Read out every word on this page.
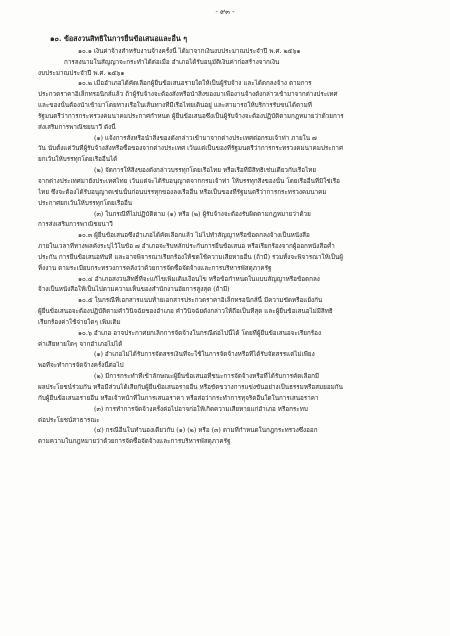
- ๙๓ -
๑๐. ข้อสงวนสิทธิในการยื่นข้อเสนอและอื่น ๆ
๑๐.๑ เงินค่าจ้างสำหรับงานจ้างครั้งนี้ ได้มาจากเงินงบประมาณประจำปี พ.ศ. ๒๕๖๑
การลงนามในสัญญาจะกระทำได้ต่อเมื่อ อำเภอได้รับอนุมัติเงินค่าก่อสร้างจากเงิน
งบประมาณประจำปี พ.ศ. ๒๕๖๑
๑๐.๒ เมื่ออำเภอได้คัดเลือกผู้ยื่นข้อเสนอรายใดให้เป็นผู้รับจ้าง และได้ตกลงจ้าง ตามการ
ประกวดราคาอิเล็กทรอนิกส์แล้ว ถ้าผู้รับจ้างจะต้องสั่งหรือนำสิ่งของมาเพื่องานจ้างดังกล่าวเข้ามาจากต่างประเทศ
และของนั้นต้องนำเข้ามาโดยทางเรือในเส้นทางที่มีเรือไทยเดินอยู่ และสามารถให้บริการรับขนได้ตามที่
รัฐมนตรีว่าการกระทรวงคมนาคมประกาศกำหนด ผู้ยื่นข้อเสนอซึ่งเป็นผู้รับจ้างจะต้องปฏิบัติตามกฎหมายว่าด้วยการ
ส่งเสริมการพาณิชยนาวี ดังนี้
(๑) แจ้งการสั่งหรือนำสิ่งของดังกล่าวเข้ามาจากต่างประเทศต่อกรมเจ้าท่า ภายใน ๗
วัน นับตั้งแต่วันที่ผู้รับจ้างสั่งหรือซื้อของจากต่างประเทศ เว้นแต่เป็นของที่รัฐมนตรีว่าการกระทรวงคมนาคมประกาศ
ยกเว้นให้บรรทุกโดยเรืออื่นได้
(๒) จัดการให้สิ่งของดังกล่าวบรรทุกโดยเรือไทย หรือเรือที่มีสิทธิเช่นเดียวกับเรือไทย
จากต่างประเทศมายังประเทศไทย เว้นแต่จะได้รับอนุญาตจากกรมเจ้าท่า ให้บรรทุกสิ่งของนั้น โดยเรืออื่นที่มิใช่เรือ
ไทย ซึ่งจะต้องได้รับอนุญาตเช่นนั้นก่อนบรรทุกของลงเรืออื่น หรือเป็นของที่รัฐมนตรีว่าการกระทรวงคมนาคม
ประกาศยกเว้นให้บรรทุกโดยเรืออื่น
(๓) ในกรณีที่ไม่ปฏิบัติตาม (๑) หรือ (๒) ผู้รับจ้างจะต้องรับผิดตามกฎหมายว่าด้วย
การส่งเสริมการพาณิชยนาวี
๑๐.๓ ผู้ยื่นข้อเสนอซึ่งอำเภอได้คัดเลือกแล้ว ไม่ไปทำสัญญาหรือข้อตกลงจ้างเป็นหนังสือ
ภายในเวลาที่ทางพลคังระบุไว้ในข้อ ๗ อำเภอจะริบหลักประกันการยื่นข้อเสนอ หรือเรียกร้องจากผู้ออกหนังสือค้ำ
ประกัน การยื่นข้อเสนอทันที และอาจพิจารณาเรียกร้องให้ชดใช้ความเสียหายอื่น (ถ้ามี) รวมทั้งจะพิจารณาให้เป็นผู้
ทิ้งงาน ตามระเบียบกระทรวงการคลังว่าด้วยการจัดซื้อจัดจ้างและการบริหารพัสดุภาครัฐ
๑๐.๔ อำเภอสงวนสิทธิ์ที่จะแก้ไขเพิ่มเติมเงื่อนไข หรือข้อกำหนดในแบบสัญญาหรือข้อตกลง
จ้างเป็นหนังสือให้เป็นไปตามความเห็นของสำนักงานอัยการสูงสุด (ถ้ามี)
๑๐.๕ ในกรณีที่เอกสารแนบท้ายเอกสารประกวดราคาอิเล็กทรอนิกส์นี้ มีความขัดหรือแย้งกัน
ผู้ยื่นข้อเสนอจะต้องปฏิบัติตามคำวินิจฉัยของอำเภอ คำวินิจฉัยดังกล่าวให้ถือเป็นที่สุด และผู้ยื่นข้อเสนอไม่มีสิทธิ
เรียกร้องค่าใช้จ่ายใดๆ เพิ่มเติม
๑๐.๖ อำเภอ อาจประกาศยกเลิกการจัดจ้างในกรณีต่อไปนี้ได้ โดยที่ผู้ยื่นข้อเสนอจะเรียกร้อง
ค่าเสียหายใดๆ จากอำเภอไม่ได้
(๑) อำเภอไม่ได้รับการจัดสรรเงินที่จะใช้ในการจัดจ้างหรือที่ได้รับจัดสรรแต่ไม่เพียง
พอที่จะทำการจัดจ้างครั้งนี้ต่อไป
(๒) มีการกระทำที่เข้าลักษณะผู้ยื่นข้อเสนอที่ชนะการจัดจ้างหรือที่ได้รับการคัดเลือกมี
ผลประโยชน์ร่วมกัน หรือมีส่วนได้เสียกับผู้ยื่นข้อเสนอรายอื่น หรือขัดขวางการแข่งขันอย่างเป็นธรรมหรือสมยอมกัน
กับผู้ยื่นข้อเสนอรายอื่น หรือเจ้าหน้าที่ในการเสนอราคา หรือส่อว่ากระทำการทุจริตอื่นใดในการเสนอราคา
(๓) การทำการจัดจ้างครั้งต่อไปอาจก่อให้เกิดความเสียหายแก่อำเภอ หรือกระทบ
ต่อประโยชน์สาธารณะ
(๔) กรณีอื่นในทำนองเดียวกับ (๑) (๒) หรือ (๓) ตามที่กำหนดในกฎกระทรวงซึ่งออก
ตามความในกฎหมายว่าด้วยการจัดซื้อจัดจ้างและการบริหารพัสดุภาครัฐ
